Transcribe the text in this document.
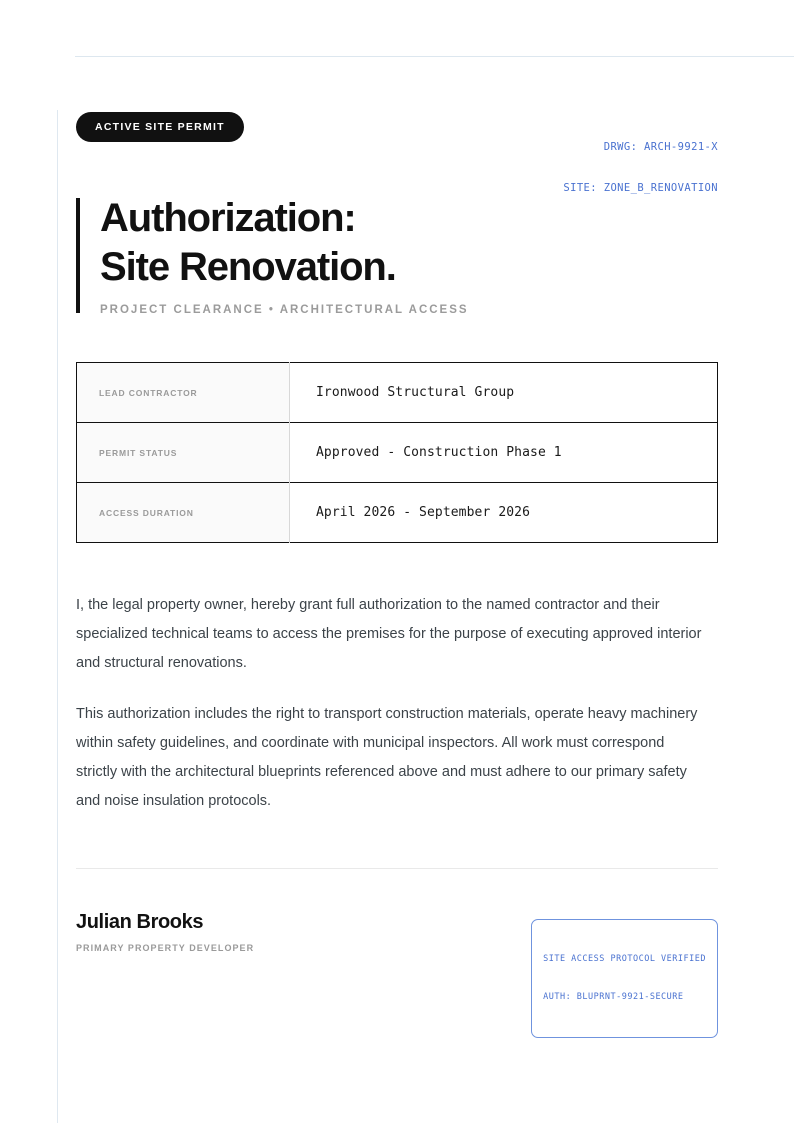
ACTIVE SITE PERMIT

DRWG: ARCH-9921-X

SITE: ZONE_B_RENOVATION

Authorization:
Site Renovation.
PROJECT CLEARANCE • ARCHITECTURAL ACCESS
LEAD CONTRACTOR	Ironwood Structural Group
PERMIT STATUS	Approved - Construction Phase 1
ACCESS DURATION	April 2026 - September 2026

I, the legal property owner, hereby grant full authorization to the named contractor and their specialized technical teams to access the premises for the purpose of executing approved interior and structural renovations.

This authorization includes the right to transport construction materials, operate heavy machinery within safety guidelines, and coordinate with municipal inspectors. All work must correspond strictly with the architectural blueprints referenced above and must adhere to our primary safety and noise insulation protocols.

Julian Brooks
PRIMARY PROPERTY DEVELOPER

SITE ACCESS PROTOCOL VERIFIED

AUTH: BLUPRNT-9921-SECURE
